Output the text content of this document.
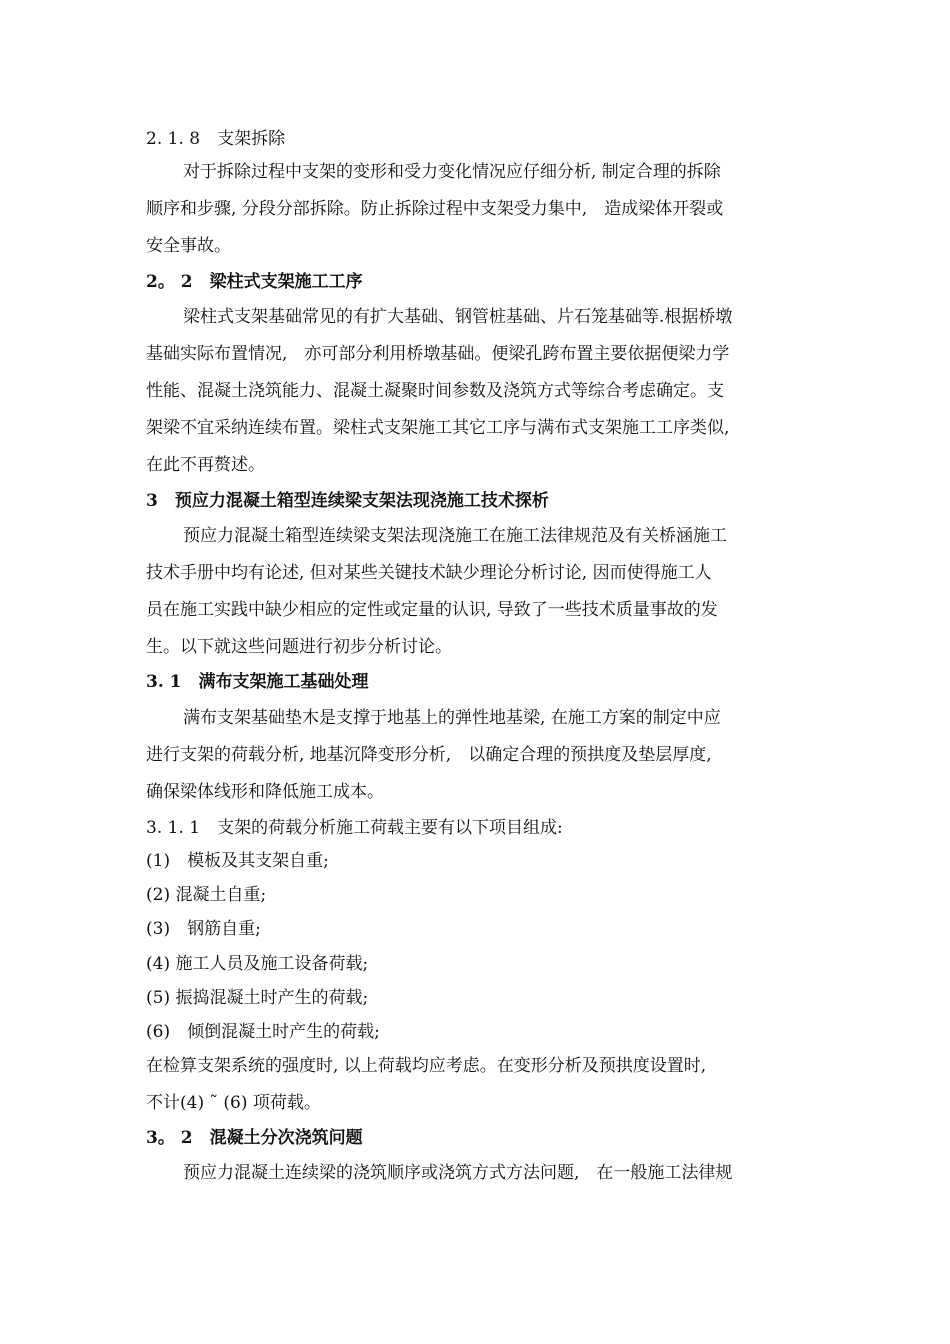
2. 1. 8　支架拆除
对于拆除过程中支架的变形和受力变化情况应仔细分析, 制定合理的拆除
顺序和步骤, 分段分部拆除。防止拆除过程中支架受力集中,　造成梁体开裂或
安全事故。
2。 2　梁柱式支架施工工序
梁柱式支架基础常见的有扩大基础、钢管桩基础、片石笼基础等.根据桥墩
基础实际布置情况,　亦可部分利用桥墩基础。便梁孔跨布置主要依据便梁力学
性能、混凝土浇筑能力、混凝土凝聚时间参数及浇筑方式等综合考虑确定。支
架梁不宜采纳连续布置。梁柱式支架施工其它工序与满布式支架施工工序类似,
在此不再赘述。
3　预应力混凝土箱型连续梁支架法现浇施工技术探析
预应力混凝土箱型连续梁支架法现浇施工在施工法律规范及有关桥涵施工
技术手册中均有论述, 但对某些关键技术缺少理论分析讨论, 因而使得施工人
员在施工实践中缺少相应的定性或定量的认识, 导致了一些技术质量事故的发
生。以下就这些问题进行初步分析讨论。
3. 1　满布支架施工基础处理
满布支架基础垫木是支撑于地基上的弹性地基梁, 在施工方案的制定中应
进行支架的荷载分析, 地基沉降变形分析,　以确定合理的预拱度及垫层厚度,
确保梁体线形和降低施工成本。
3. 1. 1　支架的荷载分析施工荷载主要有以下项目组成:
(1)　模板及其支架自重;
(2) 混凝土自重;
(3)　钢筋自重;
(4) 施工人员及施工设备荷载;
(5) 振捣混凝土时产生的荷载;
(6)　倾倒混凝土时产生的荷载;
在检算支架系统的强度时, 以上荷载均应考虑。在变形分析及预拱度设置时,
不计(4) ˜ (6) 项荷载。
3。 2　混凝土分次浇筑问题
预应力混凝土连续梁的浇筑顺序或浇筑方式方法问题,　在一般施工法律规
